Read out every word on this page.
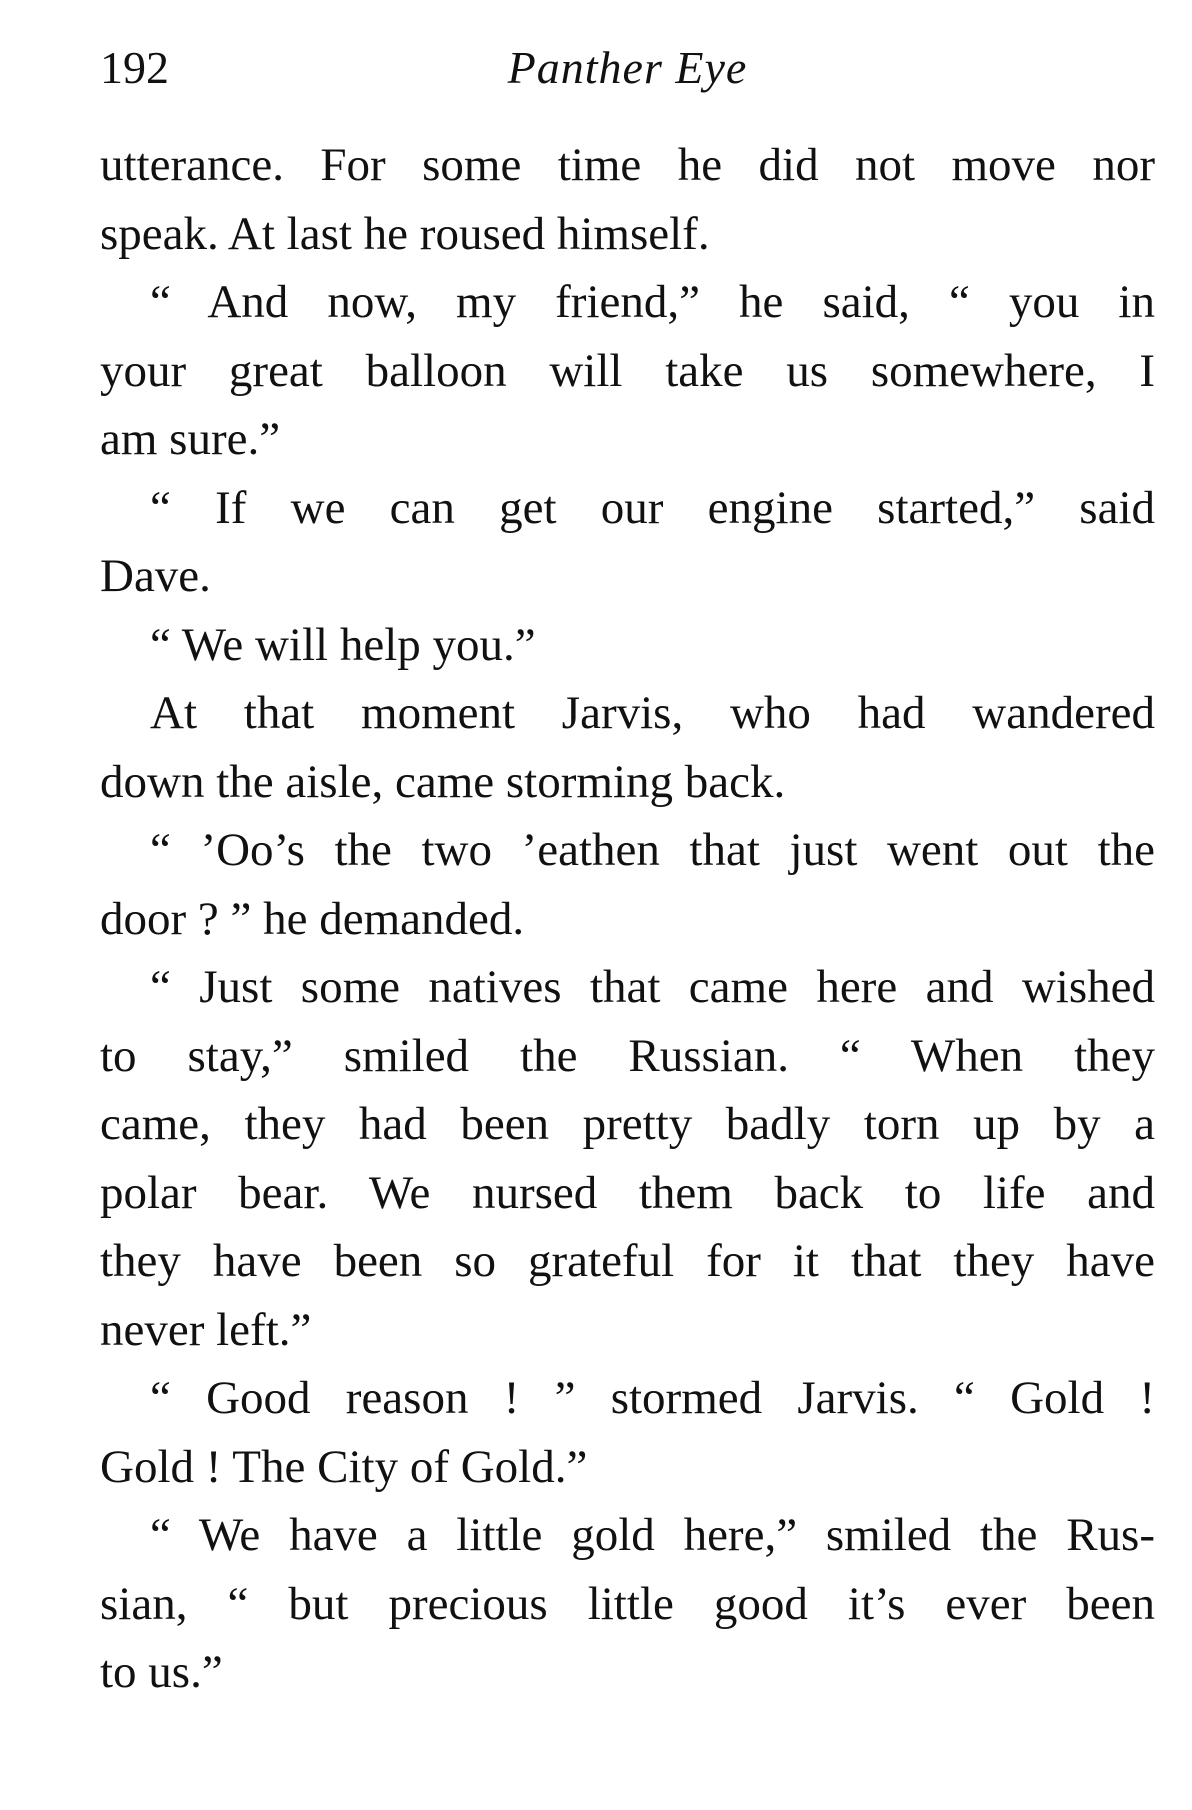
192	Panther Eye
utterance. For some time he did not move nor
speak. At last he roused himself.
“ And now, my friend,” he said, “ you in
your great balloon will take us somewhere, I
am sure.”
“ If we can get our engine started,” said
Dave.
“ We will help you.”
At that moment Jarvis, who had wandered
down the aisle, came storming back.
“ ’Oo’s the two ’eathen that just went out the
door ? ” he demanded.
“ Just some natives that came here and wished
to stay,” smiled the Russian. “ When they
came, they had been pretty badly torn up by a
polar bear. We nursed them back to life and
they have been so grateful for it that they have
never left.”
“ Good reason ! ” stormed Jarvis. “ Gold !
Gold ! The City of Gold.”
“ We have a little gold here,” smiled the Rus-
sian, “ but precious little good it’s ever been
to us.”
